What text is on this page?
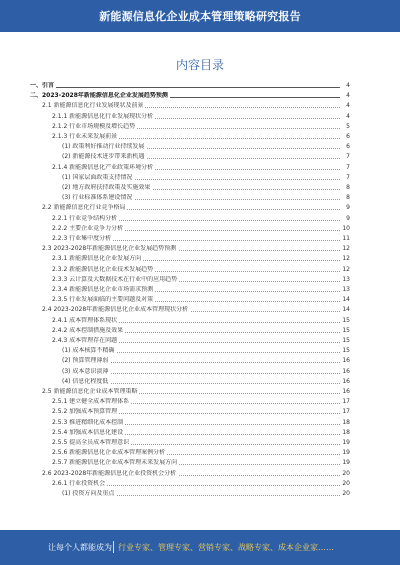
新能源信息化企业成本管理策略研究报告
内容目录
一、引言	4
二、2023-2028年新能源信息化企业发展趋势预测	4
2.1 新能源信息化行业发展现状及前景	4
2.1.1 新能源信息化行业发展现状分析	4
2.1.2 行业市场规模及增长趋势	5
2.1.3 行业未来发展前景	6
(1) 政策利好推动行业持续发展	6
(2) 新能源技术进步带来新机遇	7
2.1.4 新能源信息化产业政策环境分析	7
(1) 国家层面政策支持情况	7
(2) 地方政府扶持政策及实施效果	8
(3) 行业标准体系建设情况	8
2.2 新能源信息化行业竞争格局	9
2.2.1 行业竞争结构分析	9
2.2.2 主要企业竞争力分析	10
2.2.3 行业集中度分析	11
2.3 2023-2028年新能源信息化企业发展趋势预测	12
2.3.1 新能源信息化企业发展方向	12
2.3.2 新能源信息化企业技术发展趋势	12
2.3.3 云计算及大数据技术在行业中的应用趋势	13
2.3.4 新能源信息化企业市场需求预测	13
2.3.5 行业发展面临的主要问题及对策	14
2.4 2023-2028年新能源信息化企业成本管理现状分析	14
2.4.1 成本管理体系现状	15
2.4.2 成本控制措施及效果	15
2.4.3 成本管理存在问题	15
(1) 成本核算不精确	15
(2) 预算管理薄弱	16
(3) 成本意识淡薄	16
(4) 信息化程度低	16
2.5 新能源信息化企业成本管理策略	16
2.5.1 建立健全成本管理体系	17
2.5.2 加强成本预算管理	17
2.5.3 推进精细化成本控制	18
2.5.4 加强成本信息化建设	18
2.5.5 提高全员成本管理意识	19
2.5.6 新能源信息化企业成本管理案例分析	19
2.5.7 新能源信息化企业成本管理未来发展方向	19
2.6 2023-2028年新能源信息化企业投资机会分析	20
2.6.1 行业投资机会	20
(1) 投资方向及重点	20
让每个人都能成为 行业专家、管理专家、营销专家、战略专家、成本企业家……
